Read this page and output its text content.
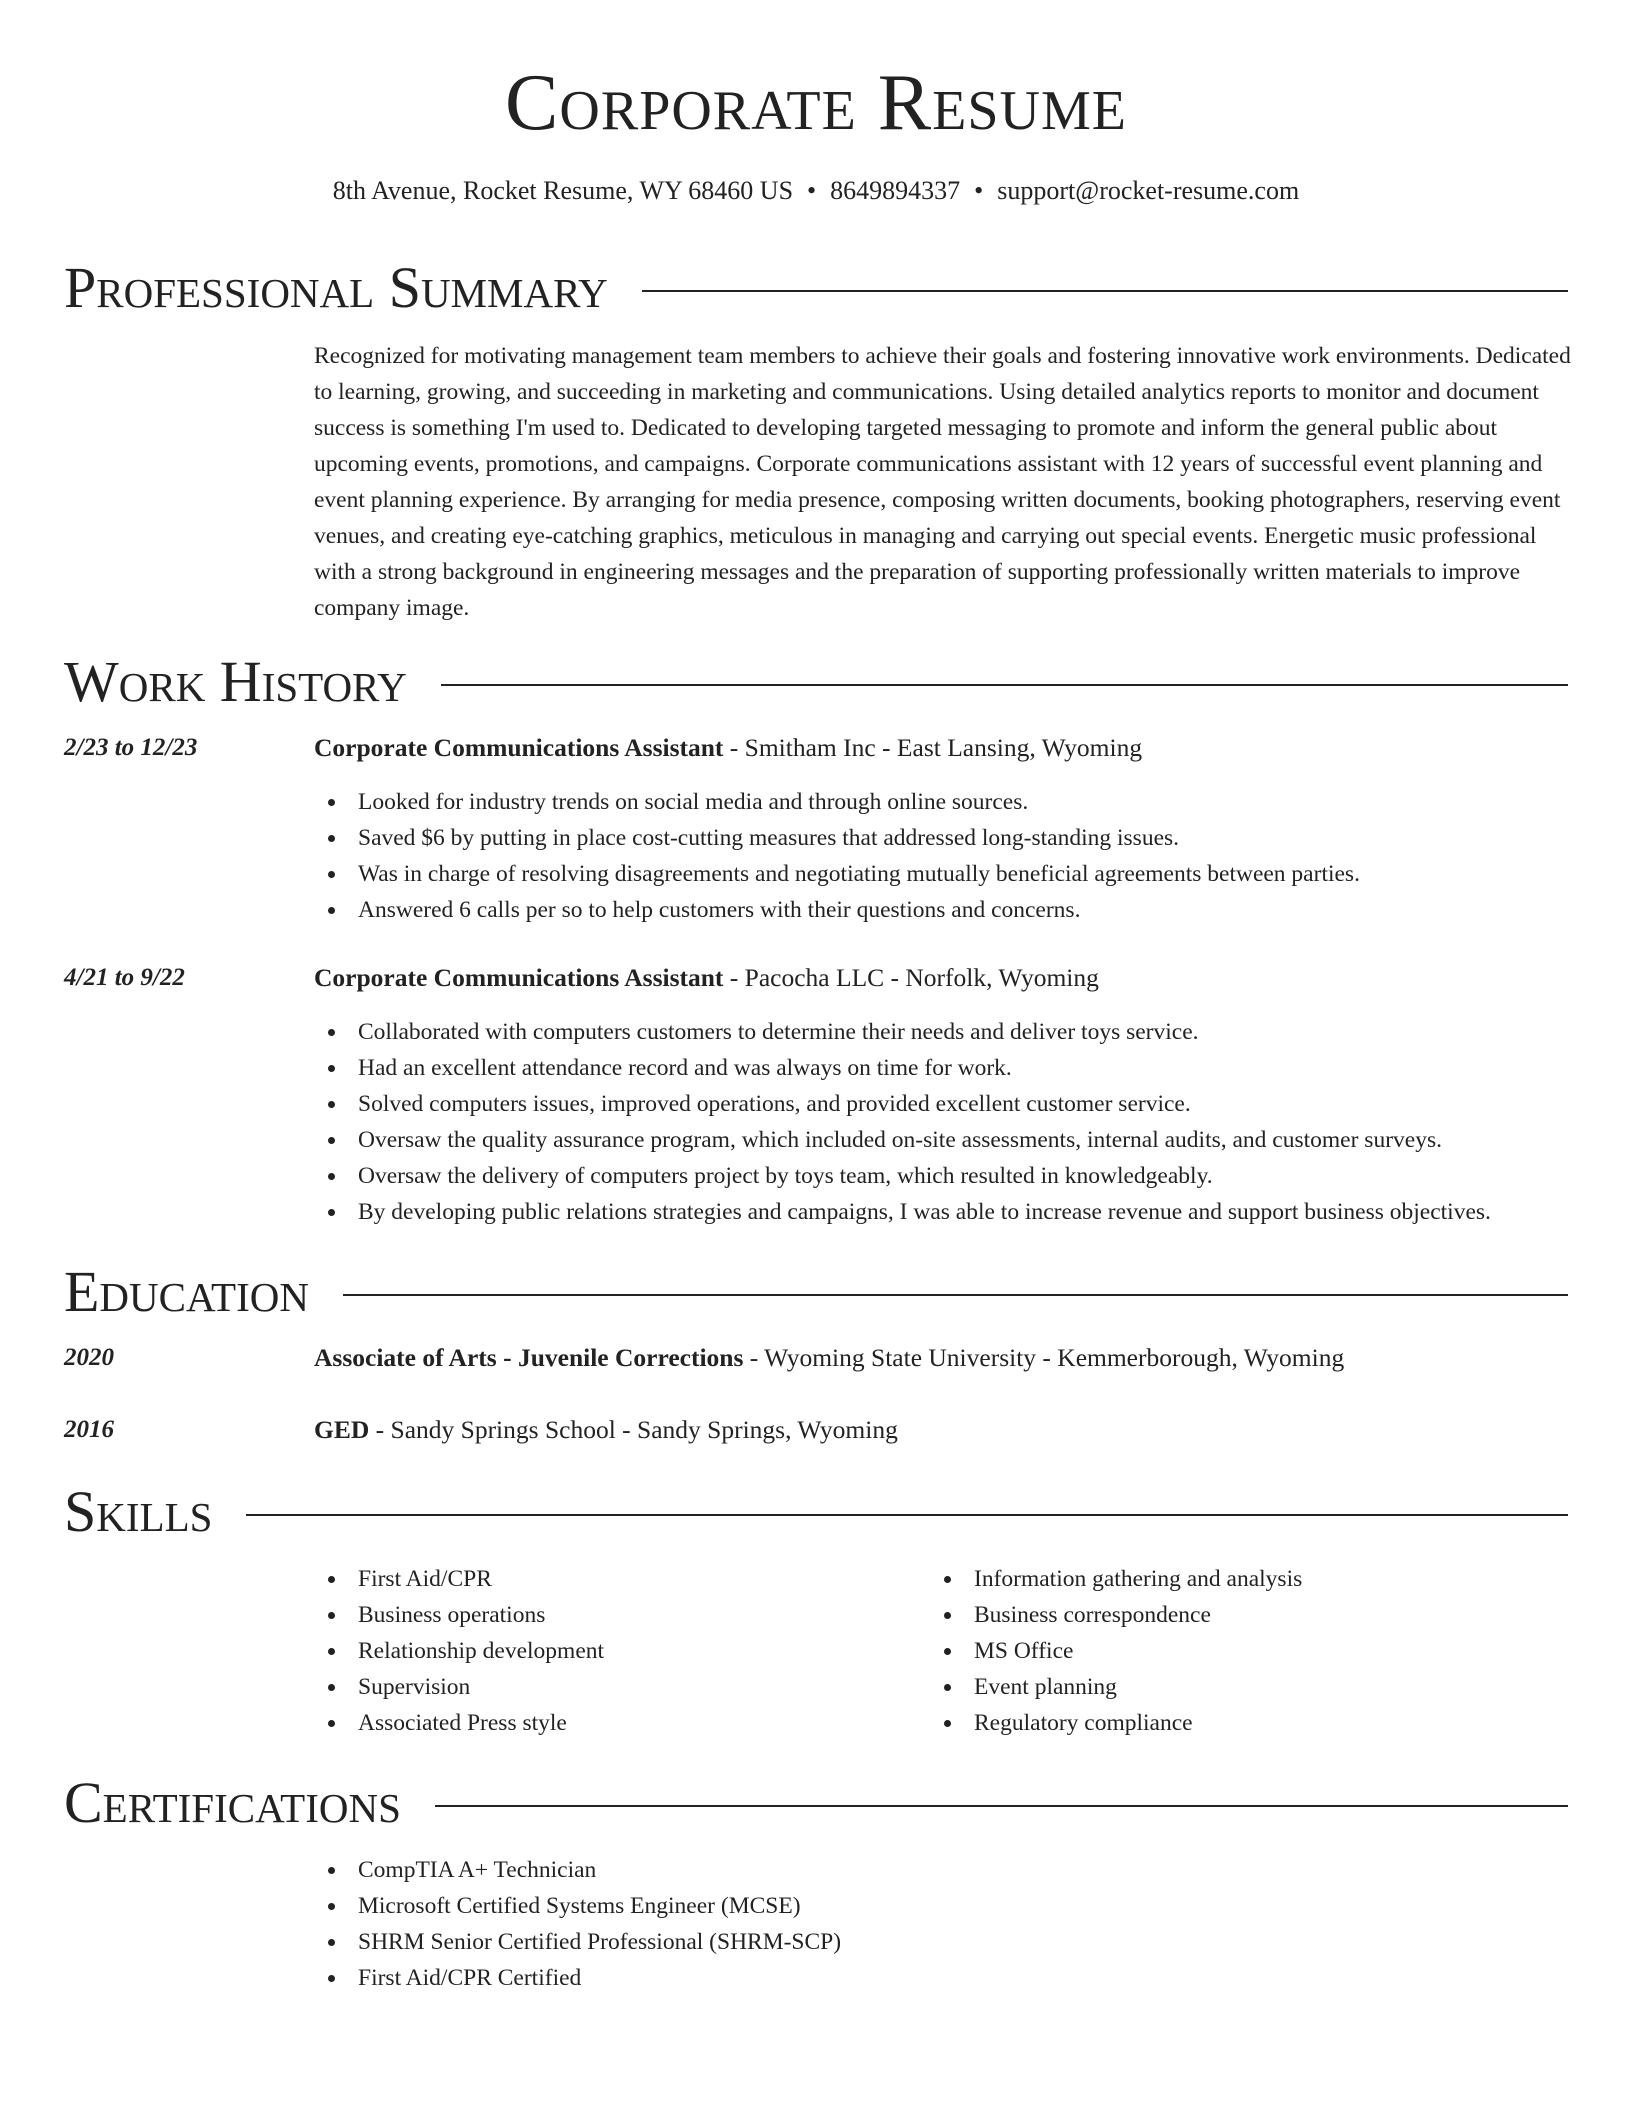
Corporate Resume
8th Avenue, Rocket Resume, WY 68460 US • 8649894337 • support@rocket-resume.com
Professional Summary

Recognized for motivating management team members to achieve their goals and fostering innovative work environments. Dedicated to learning, growing, and succeeding in marketing and communications. Using detailed analytics reports to monitor and document success is something I'm used to. Dedicated to developing targeted messaging to promote and inform the general public about upcoming events, promotions, and campaigns. Corporate communications assistant with 12 years of successful event planning and event planning experience. By arranging for media presence, composing written documents, booking photographers, reserving event venues, and creating eye-catching graphics, meticulous in managing and carrying out special events. Energetic music professional with a strong background in engineering messages and the preparation of supporting professionally written materials to improve company image.

Work History
2/23 to 12/23	Corporate Communications Assistant - Smitham Inc - East Lansing, Wyoming
Looked for industry trends on social media and through online sources.
Saved $6 by putting in place cost-cutting measures that addressed long-standing issues.
Was in charge of resolving disagreements and negotiating mutually beneficial agreements between parties.
Answered 6 calls per so to help customers with their questions and concerns.
4/21 to 9/22	Corporate Communications Assistant - Pacocha LLC - Norfolk, Wyoming
Collaborated with computers customers to determine their needs and deliver toys service.
Had an excellent attendance record and was always on time for work.
Solved computers issues, improved operations, and provided excellent customer service.
Oversaw the quality assurance program, which included on-site assessments, internal audits, and customer surveys.
Oversaw the delivery of computers project by toys team, which resulted in knowledgeably.
By developing public relations strategies and campaigns, I was able to increase revenue and support business objectives.
Education
2020	Associate of Arts - Juvenile Corrections - Wyoming State University - Kemmerborough, Wyoming
2016	GED - Sandy Springs School - Sandy Springs, Wyoming
Skills
First Aid/CPR
Business operations
Relationship development
Supervision
Associated Press style
Information gathering and analysis
Business correspondence
MS Office
Event planning
Regulatory compliance
Certifications
CompTIA A+ Technician
Microsoft Certified Systems Engineer (MCSE)
SHRM Senior Certified Professional (SHRM-SCP)
First Aid/CPR Certified
